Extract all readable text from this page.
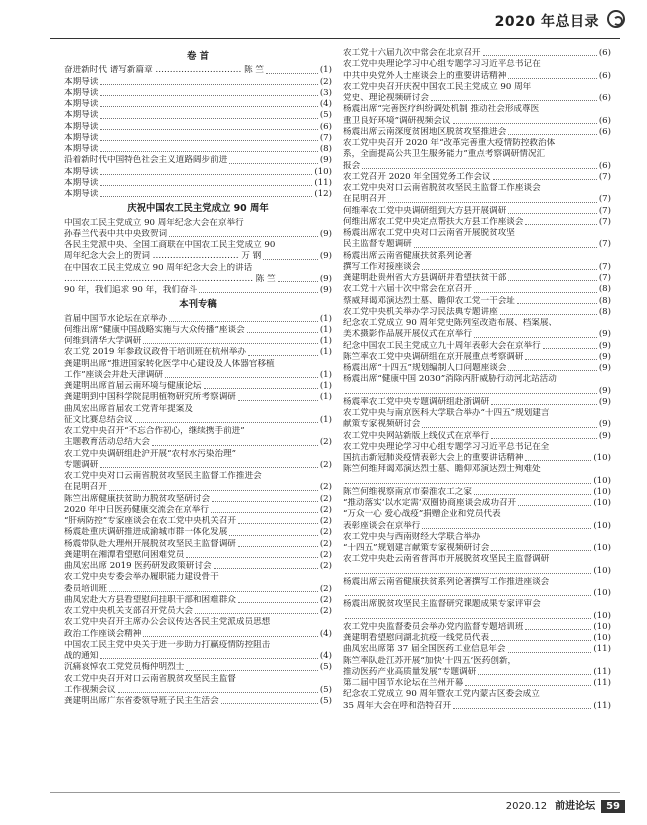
2020 年总目录
卷 首
奋进新时代 谱写新篇章 ………………………… 陈 竺	(1)
本期导读	(2)
本期导读	(3)
本期导读	(4)
本期导读	(5)
本期导读	(6)
本期导读	(7)
本期导读	(8)
沿着新时代中国特色社会主义道路阔步前进	(9)
本期导读	(10)
本期导读	(11)
本期导读	(12)
庆祝中国农工民主党成立 90 周年
中国农工民主党成立 90 周年纪念大会在京举行
孙春兰代表中共中央致贺词	(9)
各民主党派中央、全国工商联在中国农工民主党成立 90
周年纪念大会上的贺词 ………………………… 万 钢	(9)
在中国农工民主党成立 90 周年纪念大会上的讲话
………………………………………………………… 陈 竺	(9)
90 年，我们追求 90 年，我们奋斗	(9)
本刊专稿
首届中国节水论坛在京举办	(1)
何维出席“健康中国战略实施与大众传播”座谈会	(1)
何维到清华大学调研	(1)
农工党 2019 年参政议政骨干培训班在杭州举办	(1)
龚建明出席“推进国家转化医学中心建设及人体器官移植
工作”座谈会并赴天津调研	(1)
龚建明出席首届云南环境与健康论坛	(1)
龚建明到中国科学院昆明植物研究所考察调研	(1)
曲凤宏出席首届农工党青年提案及
征文比赛总结会议	(1)
农工党中央召开“不忘合作初心，继续携手前进”
主题教育活动总结大会	(2)
农工党中央调研组赴沪开展“农村水污染治理”
专题调研	(2)
农工党中央对口云南省脱贫攻坚民主监督工作推进会
在昆明召开	(2)
陈竺出席健康扶贫助力脱贫攻坚研讨会	(2)
2020 年中日医药健康交流会在京举行	(2)
“肝病防控”专家座谈会在农工党中央机关召开	(2)
杨震赴重庆调研推进成渝城市群一体化发展	(2)
杨震带队赴大理州开展脱贫攻坚民主监督调研	(2)
龚建明在湘潭看望慰问困难党员	(2)
曲凤宏出席 2019 医药研发政策研讨会	(2)
农工党中央专委会举办履职能力建设骨干
委员培训班	(2)
曲凤宏赴大方县看望慰问挂职干部和困难群众	(2)
农工党中央机关支部召开党员大会	(2)
农工党中央召开主席办公会议传达各民主党派成员思想
政治工作座谈会精神	(4)
中国农工民主党中央关于进一步助力打赢疫情防控阻击
战的通知	(4)
沉痛哀悼农工党党员梅仲明烈士	(5)
农工党中央召开对口云南省脱贫攻坚民主监督
工作视频会议	(5)
龚建明出席广东省委领导班子民主生活会	(5)
农工党十六届九次中常会在北京召开	(6)
农工党中央理论学习中心组专题学习习近平总书记在
中共中央党外人士座谈会上的重要讲话精神	(6)
农工党中央召开庆祝中国农工民主党成立 90 周年
党史、理论视频研讨会	(6)
杨震出席“完善医疗纠纷调处机制 推动社会形成尊医
重卫良好环境”调研视频会议	(6)
杨震出席云南深度贫困地区脱贫攻坚推进会	(6)
农工党中央召开 2020 年“改革完善重大疫情防控救治体
系，全面提高公共卫生服务能力”重点考察调研情况汇
报会	(6)
农工党召开 2020 年全国党务工作会议	(7)
农工党中央对口云南省脱贫攻坚民主监督工作座谈会
在昆明召开	(7)
何维率农工党中央调研组到大方县开展调研	(7)
何维出席农工党中央定点帮扶大方县工作座谈会	(7)
杨震出席农工党中央对口云南省开展脱贫攻坚
民主监督专题调研	(7)
杨震出席云南省健康扶贫系列论著
撰写工作对接座谈会	(7)
龚建明赴贵州省大方县调研并看望扶贫干部	(7)
农工党十六届十次中常会在京召开	(8)
蔡威拜谒邓演达烈士墓、瞻仰农工党一干会址	(8)
农工党中央机关举办学习民法典专题讲座	(8)
纪念农工党成立 90 周年党史陈列室改造布展、档案展、
美术摄影作品展开展仪式在京举行	(9)
纪念中国农工民主党成立九十周年表彰大会在京举行	(9)
陈竺率农工党中央调研组在京开展重点考察调研	(9)
杨震出席“十四五”规划编制人口问题座谈会	(9)
杨震出席“健康中国 2030”消除丙肝威胁行动河北站活动
(9)
杨震率农工党中央专题调研组赴浙调研	(9)
农工党中央与南京医科大学联合举办“十四五”规划建言
献策专家视频研讨会	(9)
农工党中央网站新版上线仪式在京举行	(9)
农工党中央理论学习中心组专题学习习近平总书记在全
国抗击新冠肺炎疫情表彰大会上的重要讲话精神	(10)
陈竺何维拜谒邓演达烈士墓、瞻仰邓演达烈士殉难处
(10)
陈竺何维视察南京市秦淮农工之家	(10)
“推动落实‘以水定需’双圈协商座谈会成功召开	(10)
“万众一心 爱心战疫”捐赠企业和党员代表
表彰座谈会在京举行	(10)
农工党中央与西南财经大学联合举办
“十四五”规划建言献策专家视频研讨会	(10)
农工党中央赴云南省普洱市开展脱贫攻坚民主监督调研
(10)
杨震出席云南省健康扶贫系列论著撰写工作推进座谈会
(10)
杨震出席脱贫攻坚民主监督研究课题成果专家评审会
(10)
农工党中央监督委员会举办党内监督专题培训班	(10)
龚建明看望慰问湖北抗疫一线党员代表	(10)
曲凤宏出席第 37 届全国医药工业信息年会	(11)
陈竺率队赴江苏开展“加快‘十四五’医药创新，
推动医药产业高质量发展”专题调研	(11)
第二届中国节水论坛在兰州开幕	(11)
纪念农工党成立 90 周年暨农工党内蒙古区委会成立
35 周年大会在呼和浩特召开	(11)
2020.12 前进论坛 59
